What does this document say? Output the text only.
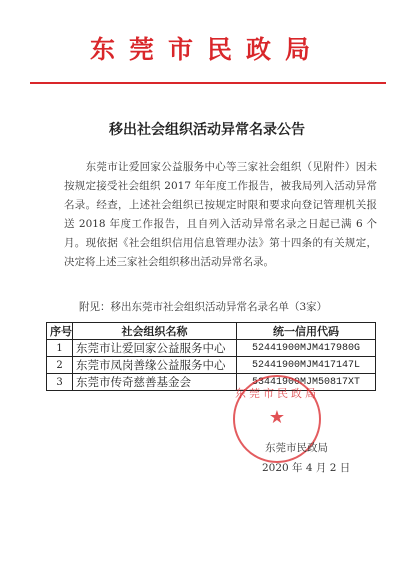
东莞市民政局
移出社会组织活动异常名录公告
　　东莞市让爱回家公益服务中心等三家社会组织（见附件）因未按规定接受社会组织 2017 年年度工作报告，被我局列入活动异常名录。经查，上述社会组织已按规定时限和要求向登记管理机关报送 2018 年度工作报告，且自列入活动异常名录之日起已满 6 个月。现依据《社会组织信用信息管理办法》第十四条的有关规定，决定将上述三家社会组织移出活动异常名录。
附见：移出东莞市社会组织活动异常名录名单（3家）
序号	社会组织名称	统一信用代码
1	东莞市让爱回家公益服务中心	52441900MJM417980G
2	东莞市凤岗善缘公益服务中心	52441900MJM417147L
3	东莞市传奇慈善基金会	53441900MJM50817XT
东莞市民政局
★
东莞市民政局
2020 年 4 月 2 日
